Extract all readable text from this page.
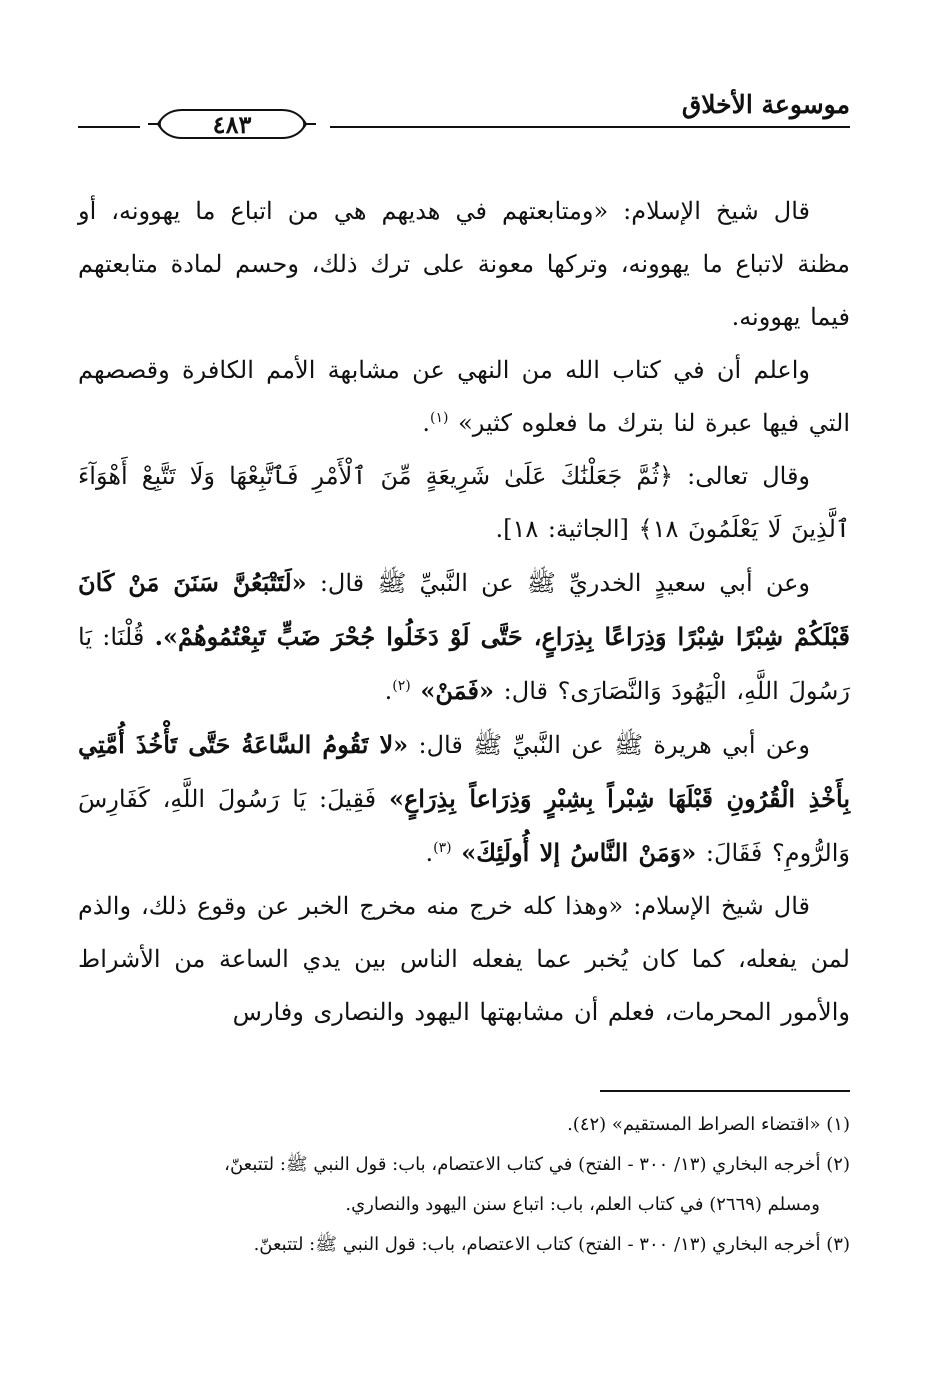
موسوعة الأخلاق
٤٨٣

قال شيخ الإسلام: «ومتابعتهم في هديهم هي من اتباع ما يهوونه، أو مظنة لاتباع ما يهوونه، وتركها معونة على ترك ذلك، وحسم لمادة متابعتهم فيما يهوونه.

واعلم أن في كتاب الله من النهي عن مشابهة الأمم الكافرة وقصصهم التي فيها عبرة لنا بترك ما فعلوه كثير» $^{(١)}$.

وقال تعالى: ﴿ثُمَّ جَعَلْنَٰكَ عَلَىٰ شَرِيعَةٍ مِّنَ ٱلْأَمْرِ فَٱتَّبِعْهَا وَلَا تَتَّبِعْ أَهْوَآءَ ٱلَّذِينَ لَا يَعْلَمُونَ ١٨﴾ [الجاثية: ١٨].

وعن أبي سعيدٍ الخدريِّ ﷺ عن النَّبيِّ ﷺ قال: «لَتَتْبَعُنَّ سَنَنَ مَنْ كَانَ قَبْلَكُمْ شِبْرًا شِبْرًا وَذِرَاعًا بِذِرَاعٍ، حَتَّى لَوْ دَخَلُوا جُحْرَ ضَبٍّ تَبِعْتُمُوهُمْ». قُلْنَا: يَا رَسُولَ اللَّهِ، الْيَهُودَ وَالنَّصَارَى؟ قال: «فَمَنْ» $^{(٢)}$.

وعن أبي هريرة ﷺ عن النَّبيِّ ﷺ قال: «لا تَقُومُ السَّاعَةُ حَتَّى تَأْخُذَ أُمَّتِي بِأَخْذِ الْقُرُونِ قَبْلَهَا شِبْراً بِشِبْرٍ وَذِرَاعاً بِذِرَاعٍ» فَقِيلَ: يَا رَسُولَ اللَّهِ، كَفَارِسَ وَالرُّومِ؟ فَقَالَ: «وَمَنْ النَّاسُ إلا أُولَئِكَ» $^{(٣)}$.

قال شيخ الإسلام: «وهذا كله خرج منه مخرج الخبر عن وقوع ذلك، والذم لمن يفعله، كما كان يُخبر عما يفعله الناس بين يدي الساعة من الأشراط والأمور المحرمات، فعلم أن مشابهتها اليهود والنصارى وفارس

(١) «اقتضاء الصراط المستقيم» (٤٢).

(٢) أخرجه البخاري (١٣/ ٣٠٠ - الفتح) في كتاب الاعتصام، باب: قول النبي ﷺ: لتتبعنّ،

ومسلم (٢٦٦٩) في كتاب العلم، باب: اتباع سنن اليهود والنصاري.

(٣) أخرجه البخاري (١٣/ ٣٠٠ - الفتح) كتاب الاعتصام، باب: قول النبي ﷺ: لتتبعنّ.
